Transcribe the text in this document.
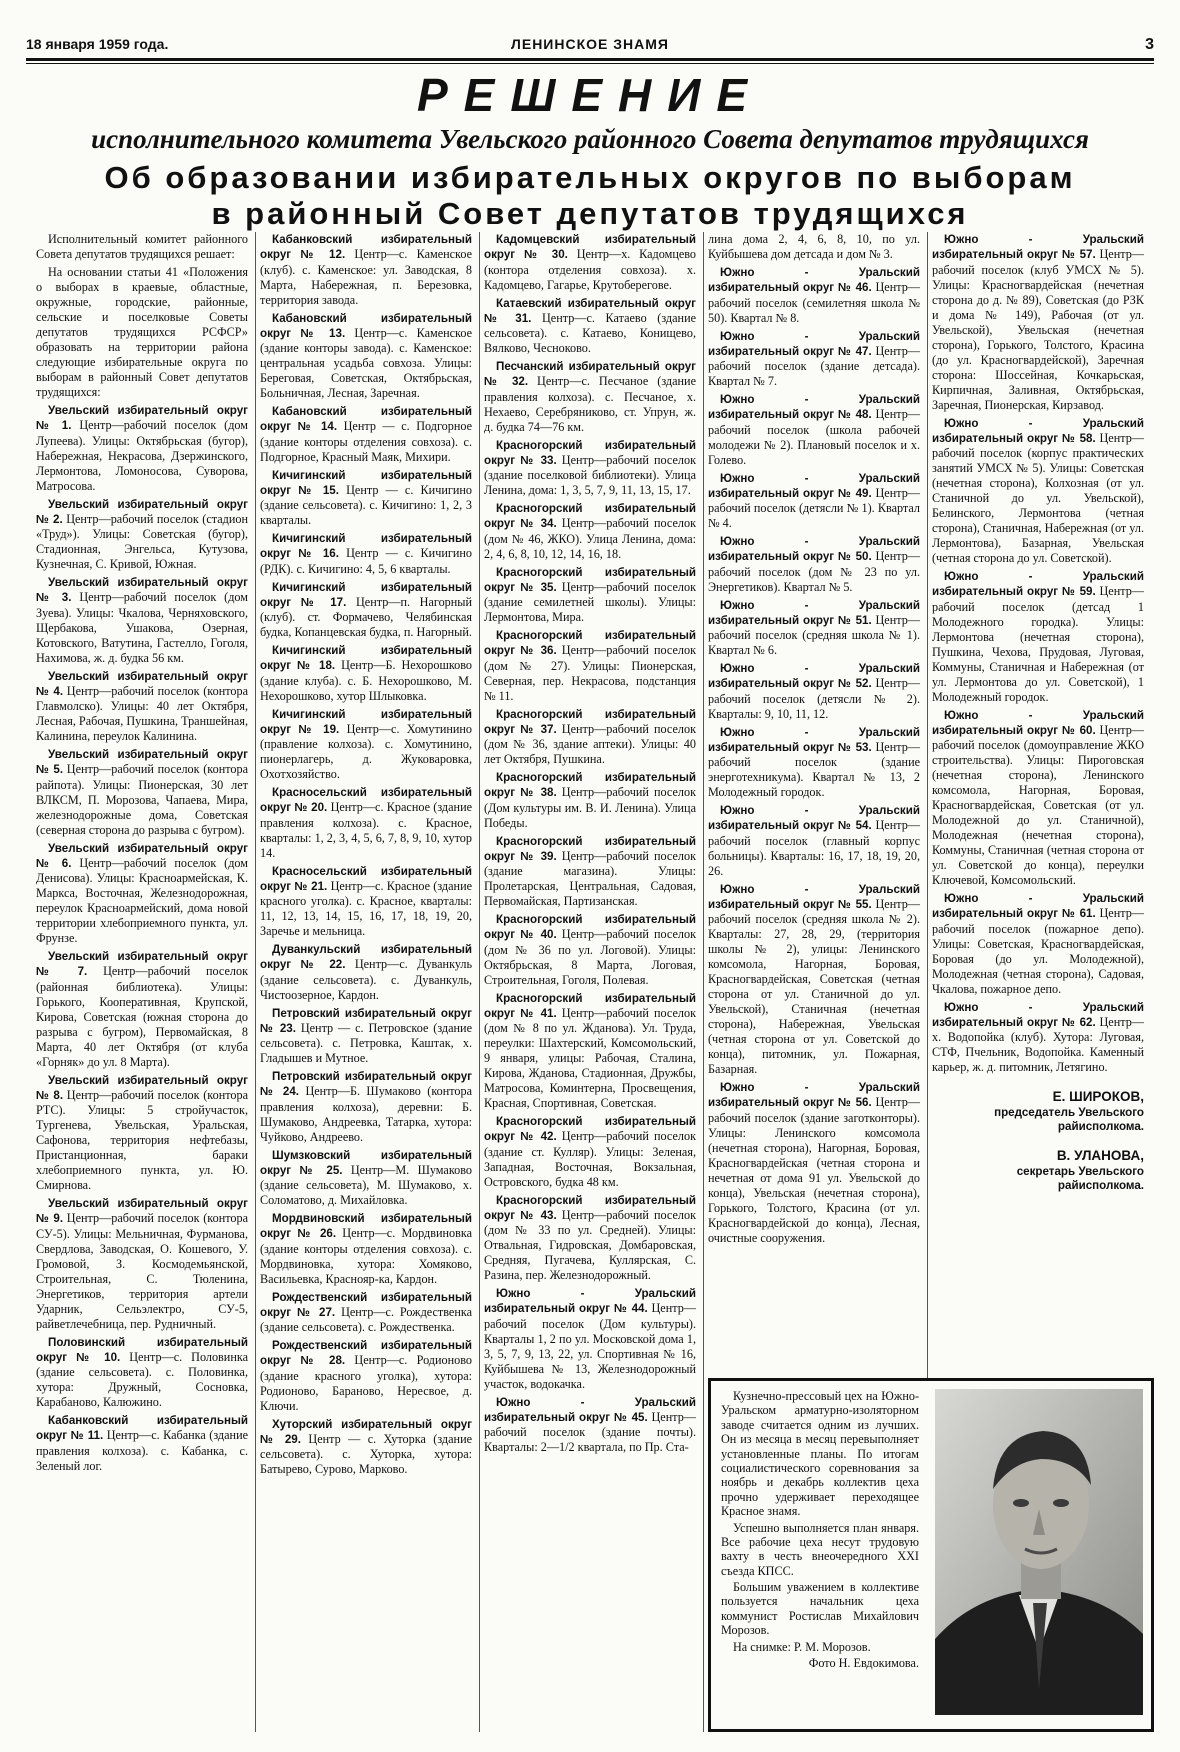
18 января 1959 года.	ЛЕНИНСКОЕ ЗНАМЯ	3
РЕШЕНИЕ
исполнительного комитета Увельского районного Совета депутатов трудящихся
Об образовании избирательных округов по выборам
в районный Совет депутатов трудящихся

Исполнительный комитет районного Совета депутатов трудящихся решает:

На основании статьи 41 «Положения о выборах в краевые, областные, окружные, городские, районные, сельские и поселковые Советы депутатов трудящихся РСФСР» образовать на территории района следующие избирательные округа по выборам в районный Совет депутатов трудящихся:

Увельский избирательный округ № 1. Центр—рабочий поселок (дом Лупеева). Улицы: Октябрьская (бугор), Набережная, Некрасова, Дзержинского, Лермонтова, Ломоносова, Суворова, Матросова.

Увельский избирательный округ № 2. Центр—рабочий поселок (стадион «Труд»). Улицы: Советская (бугор), Стадионная, Энгельса, Кутузова, Кузнечная, С. Кривой, Южная.

Увельский избирательный округ № 3. Центр—рабочий поселок (дом Зуева). Улицы: Чкалова, Черняховского, Щербакова, Ушакова, Озерная, Котовского, Ватутина, Гастелло, Гоголя, Нахимова, ж. д. будка 56 км.

Увельский избирательный округ № 4. Центр—рабочий поселок (контора Главмолско). Улицы: 40 лет Октября, Лесная, Рабочая, Пушкина, Траншейная, Калинина, переулок Калинина.

Увельский избирательный округ № 5. Центр—рабочий поселок (контора райпота). Улицы: Пионерская, 30 лет ВЛКСМ, П. Морозова, Чапаева, Мира, железнодорожные дома, Советская (северная сторона до разрыва с бугром).

Увельский избирательный округ № 6. Центр—рабочий поселок (дом Денисова). Улицы: Красноармейская, К. Маркса, Восточная, Железнодорожная, переулок Красноармейский, дома новой территории хлебоприемного пункта, ул. Фрунзе.

Увельский избирательный округ № 7. Центр—рабочий поселок (районная библиотека). Улицы: Горького, Кооперативная, Крупской, Кирова, Советская (южная сторона до разрыва с бугром), Первомайская, 8 Марта, 40 лет Октября (от клуба «Горняк» до ул. 8 Марта).

Увельский избирательный округ № 8. Центр—рабочий поселок (контора РТС). Улицы: 5 стройучасток, Тургенева, Увельская, Уральская, Сафонова, территория нефтебазы, Пристанционная, бараки хлебоприемного пункта, ул. Ю. Смирнова.

Увельский избирательный округ № 9. Центр—рабочий поселок (контора СУ-5). Улицы: Мельничная, Фурманова, Свердлова, Заводская, О. Кошевого, У. Громовой, З. Космодемьянской, Строительная, С. Тюленина, Энергетиков, территория артели Ударник, Сельэлектро, СУ-5, райветлечебница, пер. Рудничный.

Половинский избирательный округ № 10. Центр—с. Половинка (здание сельсовета). с. Половинка, хутора: Дружный, Сосновка, Карабаново, Калюжино.

Кабанковский избирательный округ № 11. Центр—с. Кабанка (здание правления колхоза). с. Кабанка, с. Зеленый лог.

Кабанковский избирательный округ № 12. Центр—с. Каменское (клуб). с. Каменское: ул. Заводская, 8 Марта, Набережная, п. Березовка, территория завода.

Кабановский избирательный округ № 13. Центр—с. Каменское (здание конторы завода). с. Каменское: центральная усадьба совхоза. Улицы: Береговая, Советская, Октябрьская, Больничная, Лесная, Заречная.

Кабановский избирательный округ № 14. Центр — с. Подгорное (здание конторы отделения совхоза). с. Подгорное, Красный Маяк, Михири.

Кичигинский избирательный округ № 15. Центр — с. Кичигино (здание сельсовета). с. Кичигино: 1, 2, 3 кварталы.

Кичигинский избирательный округ № 16. Центр — с. Кичигино (РДК). с. Кичигино: 4, 5, 6 кварталы.

Кичигинский избирательный округ № 17. Центр—п. Нагорный (клуб). ст. Формачево, Челябинская будка, Копанцевская будка, п. Нагорный.

Кичигинский избирательный округ № 18. Центр—Б. Нехорошково (здание клуба). с. Б. Нехорошково, М. Нехорошково, хутор Шлыковка.

Кичигинский избирательный округ № 19. Центр—с. Хомутинино (правление колхоза). с. Хомутинино, пионерлагерь, д. Жуковаровка, Охотхозяйство.

Красносельский избирательный округ № 20. Центр—с. Красное (здание правления колхоза). с. Красное, кварталы: 1, 2, 3, 4, 5, 6, 7, 8, 9, 10, хутор 14.

Красносельский избирательный округ № 21. Центр—с. Красное (здание красного уголка). с. Красное, кварталы: 11, 12, 13, 14, 15, 16, 17, 18, 19, 20, Заречье и мельница.

Дуванкульский избирательный округ № 22. Центр—с. Дуванкуль (здание сельсовета). с. Дуванкуль, Чистоозерное, Кардон.

Петровский избирательный округ № 23. Центр — с. Петровское (здание сельсовета). с. Петровка, Каштак, х. Гладышев и Мутное.

Петровский избирательный округ № 24. Центр—Б. Шумаково (контора правления колхоза), деревни: Б. Шумаково, Андреевка, Татарка, хутора: Чуйково, Андреево.

Шумзковский избирательный округ № 25. Центр—М. Шумаково (здание сельсовета), М. Шумаково, х. Соломатово, д. Михайловка.

Мордвиновский избирательный округ № 26. Центр—с. Мордвиновка (здание конторы отделения совхоза). с. Мордвиновка, хутора: Хомяково, Васильевка, Краснояр-ка, Кардон.

Рождественский избирательный округ № 27. Центр—с. Рождественка (здание сельсовета). с. Рождественка.

Рождественский избирательный округ № 28. Центр—с. Родионово (здание красного уголка), хутора: Родионово, Бараново, Нересвое, д. Ключи.

Хуторский избирательный округ № 29. Центр — с. Хуторка (здание сельсовета). с. Хуторка, хутора: Батырево, Сурово, Марково.

Кадомцевский избирательный округ № 30. Центр—х. Кадомцево (контора отделения совхоза). х. Кадомцево, Гагарье, Крутоберегове.

Катаевский избирательный округ № 31. Центр—с. Катаево (здание сельсовета). с. Катаево, Конищево, Вялково, Чесноково.

Песчанский избирательный округ № 32. Центр—с. Песчаное (здание правления колхоза). с. Песчаное, х. Нехаево, Серебряниково, ст. Упрун, ж. д. будка 74—76 км.

Красногорский избирательный округ № 33. Центр—рабочий поселок (здание поселковой библиотеки). Улица Ленина, дома: 1, 3, 5, 7, 9, 11, 13, 15, 17.

Красногорский избирательный округ № 34. Центр—рабочий поселок (дом № 46, ЖКО). Улица Ленина, дома: 2, 4, 6, 8, 10, 12, 14, 16, 18.

Красногорский избирательный округ № 35. Центр—рабочий поселок (здание семилетней школы). Улицы: Лермонтова, Мира.

Красногорский избирательный округ № 36. Центр—рабочий поселок (дом № 27). Улицы: Пионерская, Северная, пер. Некрасова, подстанция № 11.

Красногорский избирательный округ № 37. Центр—рабочий поселок (дом № 36, здание аптеки). Улицы: 40 лет Октября, Пушкина.

Красногорский избирательный округ № 38. Центр—рабочий поселок (Дом культуры им. В. И. Ленина). Улица Победы.

Красногорский избирательный округ № 39. Центр—рабочий поселок (здание магазина). Улицы: Пролетарская, Центральная, Садовая, Первомайская, Партизанская.

Красногорский избирательный округ № 40. Центр—рабочий поселок (дом № 36 по ул. Логовой). Улицы: Октябрьская, 8 Марта, Логовая, Строительная, Гоголя, Полевая.

Красногорский избирательный округ № 41. Центр—рабочий поселок (дом № 8 по ул. Жданова). Ул. Труда, переулки: Шахтерский, Комсомольский, 9 января, улицы: Рабочая, Сталина, Кирова, Жданова, Стадионная, Дружбы, Матросова, Коминтерна, Просвещения, Красная, Спортивная, Советская.

Красногорский избирательный округ № 42. Центр—рабочий поселок (здание ст. Кулляр). Улицы: Зеленая, Западная, Восточная, Вокзальная, Островского, будка 48 км.

Красногорский избирательный округ № 43. Центр—рабочий поселок (дом № 33 по ул. Средней). Улицы: Отвальная, Гидровская, Домбаровская, Средняя, Пугачева, Куллярская, С. Разина, пер. Железнодорожный.

Южно - Уральский избирательный округ № 44. Центр—рабочий поселок (Дом культуры). Кварталы 1, 2 по ул. Московской дома 1, 3, 5, 7, 9, 13, 22, ул. Спортивная № 16, Куйбышева № 13, Железнодорожный участок, водокачка.

Южно - Уральский избирательный округ № 45. Центр—рабочий поселок (здание почты). Кварталы: 2—1/2 квартала, по Пр. Ста-

лина дома 2, 4, 6, 8, 10, по ул. Куйбышева дом детсада и дом № 3.

Южно - Уральский избирательный округ № 46. Центр—рабочий поселок (семилетняя школа № 50). Квартал № 8.

Южно - Уральский избирательный округ № 47. Центр—рабочий поселок (здание детсада). Квартал № 7.

Южно - Уральский избирательный округ № 48. Центр—рабочий поселок (школа рабочей молодежи № 2). Плановый поселок и х. Голево.

Южно - Уральский избирательный округ № 49. Центр—рабочий поселок (детясли № 1). Квартал № 4.

Южно - Уральский избирательный округ № 50. Центр—рабочий поселок (дом № 23 по ул. Энергетиков). Квартал № 5.

Южно - Уральский избирательный округ № 51. Центр—рабочий поселок (средняя школа № 1). Квартал № 6.

Южно - Уральский избирательный округ № 52. Центр—рабочий поселок (детясли № 2). Кварталы: 9, 10, 11, 12.

Южно - Уральский избирательный округ № 53. Центр—рабочий поселок (здание энерготехникума). Квартал № 13, 2 Молодежный городок.

Южно - Уральский избирательный округ № 54. Центр—рабочий поселок (главный корпус больницы). Кварталы: 16, 17, 18, 19, 20, 26.

Южно - Уральский избирательный округ № 55. Центр—рабочий поселок (средняя школа № 2). Кварталы: 27, 28, 29, (территория школы № 2), улицы: Ленинского комсомола, Нагорная, Боровая, Красногвардейская, Советская (четная сторона от ул. Станичной до ул. Увельской), Станичная (нечетная сторона), Набережная, Увельская (четная сторона от ул. Советской до конца), питомник, ул. Пожарная, Базарная.

Южно - Уральский избирательный округ № 56. Центр—рабочий поселок (здание заготконторы). Улицы: Ленинского комсомола (нечетная сторона), Нагорная, Боровая, Красногвардейская (четная сторона и нечетная от дома 91 ул. Увельской до конца), Увельская (нечетная сторона), Горького, Толстого, Красина (от ул. Красногвардейской до конца), Лесная, очистные сооружения.

Южно - Уральский избирательный округ № 57. Центр—рабочий поселок (клуб УМСХ № 5). Улицы: Красногвардейская (нечетная сторона до д. № 89), Советская (до РЗК и дома № 149), Рабочая (от ул. Увельской), Увельская (нечетная сторона), Горького, Толстого, Красина (до ул. Красногвардейской), Заречная сторона: Шоссейная, Кочкарьская, Кирпичная, Заливная, Октябрьская, Заречная, Пионерская, Кирзавод.

Южно - Уральский избирательный округ № 58. Центр—рабочий поселок (корпус практических занятий УМСХ № 5). Улицы: Советская (нечетная сторона), Колхозная (от ул. Станичной до ул. Увельской), Белинского, Лермонтова (четная сторона), Станичная, Набережная (от ул. Лермонтова), Базарная, Увельская (четная сторона до ул. Советской).

Южно - Уральский избирательный округ № 59. Центр— рабочий поселок (детсад 1 Молодежного городка). Улицы: Лермонтова (нечетная сторона), Пушкина, Чехова, Прудовая, Луговая, Коммуны, Станичная и Набережная (от ул. Лермонтова до ул. Советской), 1 Молодежный городок.

Южно - Уральский избирательный округ № 60. Центр—рабочий поселок (домоуправление ЖКО строительства). Улицы: Пироговская (нечетная сторона), Ленинского комсомола, Нагорная, Боровая, Красногвардейская, Советская (от ул. Молодежной до ул. Станичной), Молодежная (нечетная сторона), Коммуны, Станичная (четная сторона от ул. Советской до конца), переулки Ключевой, Комсомольский.

Южно - Уральский избирательный округ № 61. Центр—рабочий поселок (пожарное депо). Улицы: Советская, Красногвардейская, Боровая (до ул. Молодежной), Молодежная (четная сторона), Садовая, Чкалова, пожарное депо.

Южно - Уральский избирательный округ № 62. Центр—х. Водопойка (клуб). Хутора: Луговая, СТФ, Пчельник, Водопойка. Каменный карьер, ж. д. питомник, Летягино.

Е. ШИРОКОВ,
председатель Увельского райисполкома.
В. УЛАНОВА,
секретарь Увельского райисполкома.

Кузнечно-прессовый цех на Южно-Уральском арматурно-изоляторном заводе считается одним из лучших. Он из месяца в месяц перевыполняет установленные планы. По итогам социалистического соревнования за ноябрь и декабрь коллектив цеха прочно удерживает переходящее Красное знамя.

Успешно выполняется план января. Все рабочие цеха несут трудовую вахту в честь внеочередного XXI съезда КПСС.

Большим уважением в коллективе пользуется начальник цеха коммунист Ростислав Михайлович Морозов.

На снимке: Р. М. Морозов.

Фото Н. Евдокимова.
